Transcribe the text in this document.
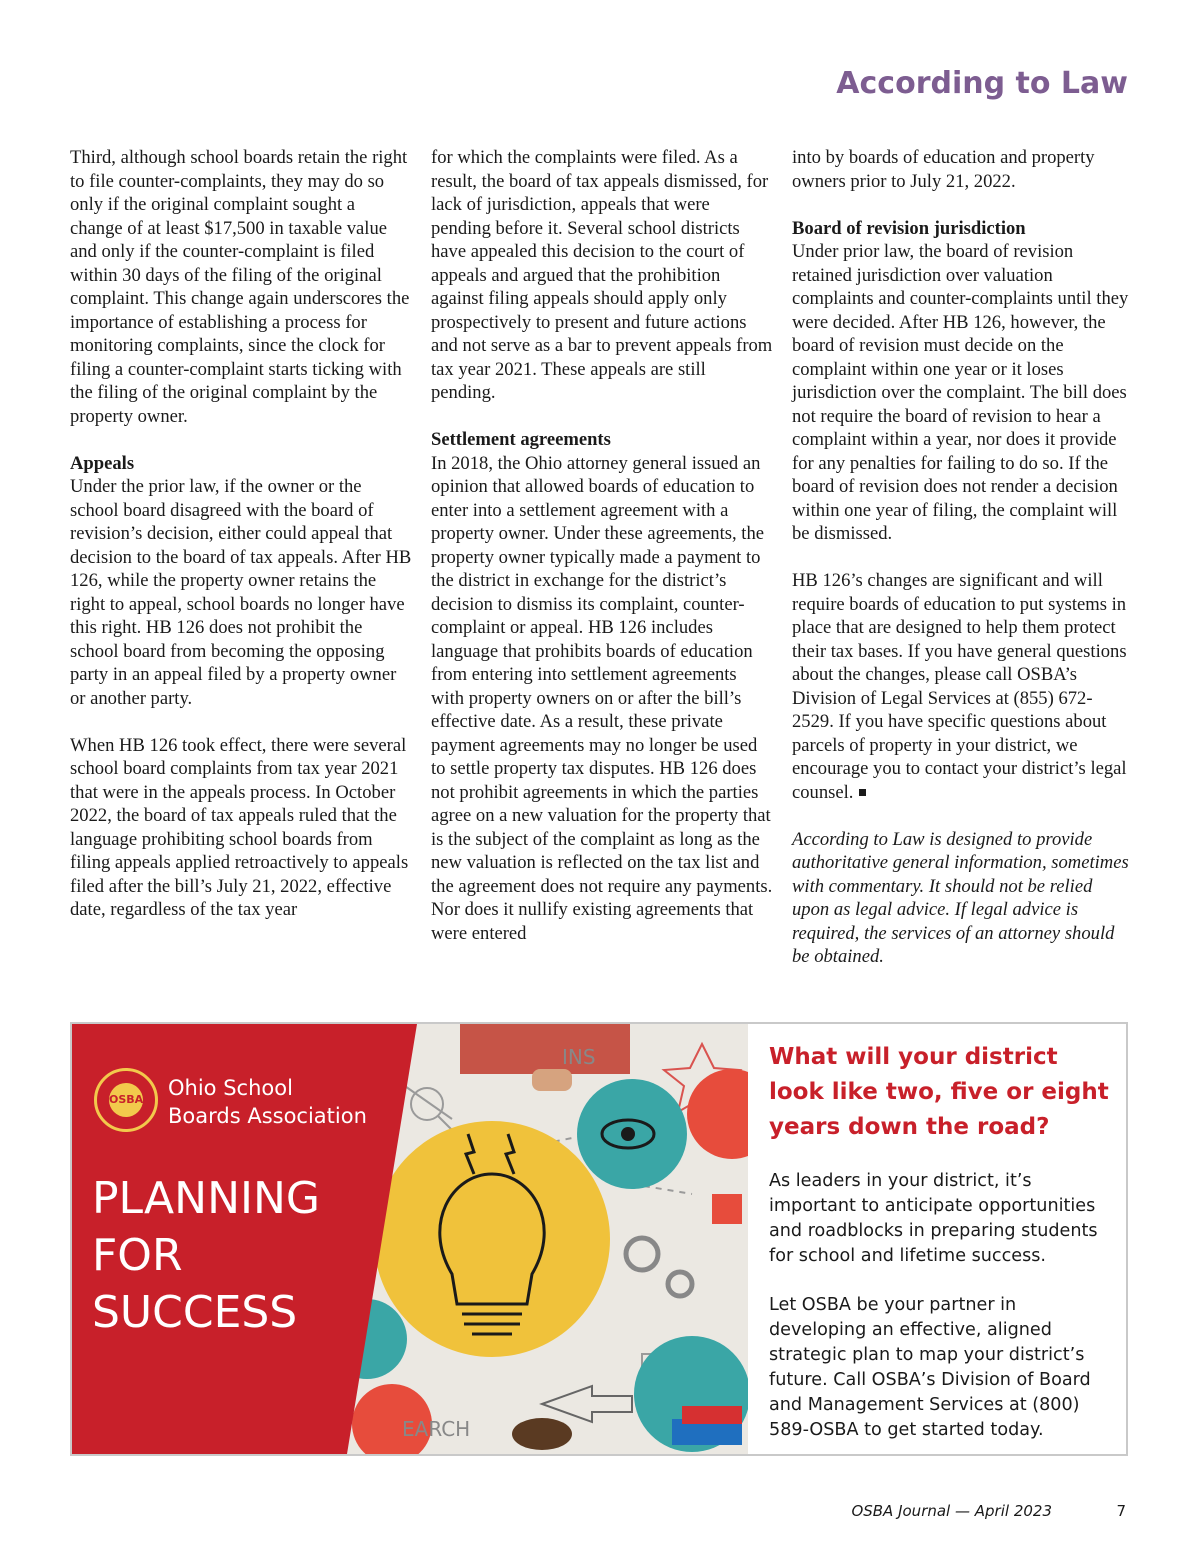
According to Law

Third, although school boards retain the right to file counter-complaints, they may do so only if the original complaint sought a change of at least $17,500 in taxable value and only if the counter-complaint is filed within 30 days of the filing of the original complaint. This change again underscores the importance of establishing a process for monitoring complaints, since the clock for filing a counter-complaint starts ticking with the filing of the original complaint by the property owner.

Appeals

Under the prior law, if the owner or the school board disagreed with the board of revision’s decision, either could appeal that decision to the board of tax appeals. After HB 126, while the property owner retains the right to appeal, school boards no longer have this right. HB 126 does not prohibit the school board from becoming the opposing party in an appeal filed by a property owner or another party.

When HB 126 took effect, there were several school board complaints from tax year 2021 that were in the appeals process. In October 2022, the board of tax appeals ruled that the language prohibiting school boards from filing appeals applied retroactively to appeals filed after the bill’s July 21, 2022, effective date, regardless of the tax year

for which the complaints were filed. As a result, the board of tax appeals dismissed, for lack of jurisdiction, appeals that were pending before it. Several school districts have appealed this decision to the court of appeals and argued that the prohibition against filing appeals should apply only prospectively to present and future actions and not serve as a bar to prevent appeals from tax year 2021. These appeals are still pending.

Settlement agreements

In 2018, the Ohio attorney general issued an opinion that allowed boards of education to enter into a settlement agreement with a property owner. Under these agreements, the property owner typically made a payment to the district in exchange for the district’s decision to dismiss its complaint, counter-complaint or appeal. HB 126 includes language that prohibits boards of education from entering into settlement agreements with property owners on or after the bill’s effective date. As a result, these private payment agreements may no longer be used to settle property tax disputes. HB 126 does not prohibit agreements in which the parties agree on a new valuation for the property that is the subject of the complaint as long as the new valuation is reflected on the tax list and the agreement does not require any payments. Nor does it nullify existing agreements that were entered

into by boards of education and property owners prior to July 21, 2022.

Board of revision jurisdiction

Under prior law, the board of revision retained jurisdiction over valuation complaints and counter-complaints until they were decided. After HB 126, however, the board of revision must decide on the complaint within one year or it loses jurisdiction over the complaint. The bill does not require the board of revision to hear a complaint within a year, nor does it provide for any penalties for failing to do so. If the board of revision does not render a decision within one year of filing, the complaint will be dismissed.

HB 126’s changes are significant and will require boards of education to put systems in place that are designed to help them protect their tax bases. If you have general questions about the changes, please call OSBA’s Division of Legal Services at (855) 672-2529. If you have specific questions about parcels of property in your district, we encourage you to contact your district’s legal counsel.

According to Law is designed to provide authoritative general information, sometimes with commentary. It should not be relied upon as legal advice. If legal advice is required, the services of an attorney should be obtained.

INS
EARCH
OSBA Ohio School
Boards Association
PLANNING
FOR
SUCCESS
What will your district look like two, five or eight years down the road?

As leaders in your district, it’s important to anticipate opportunities and roadblocks in preparing students for school and lifetime success.

Let OSBA be your partner in developing an effective, aligned strategic plan to map your district’s future. Call OSBA’s Division of Board and Management Services at (800) 589-OSBA to get started today.

OSBA Journal — April 2023	7
